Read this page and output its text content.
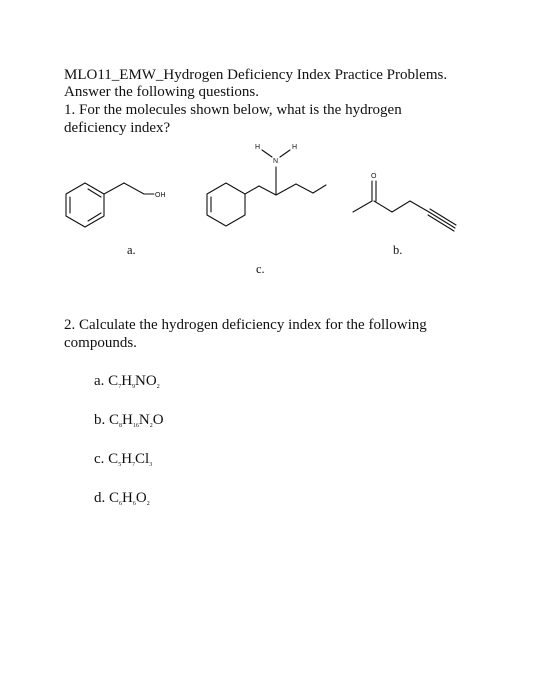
MLO11_EMW_Hydrogen Deficiency Index Practice Problems.
Answer the following questions.
1. For the molecules shown below, what is the hydrogen
deficiency index?
OH
H
N
H
O
a.	b.
c.
2. Calculate the hydrogen deficiency index for the following
compounds.
a. $C_7H_9NO_2$
b. $C_8H_{16}N_2O$
c. $C_5H_7Cl_3$
d. $C_6H_6O_2$
